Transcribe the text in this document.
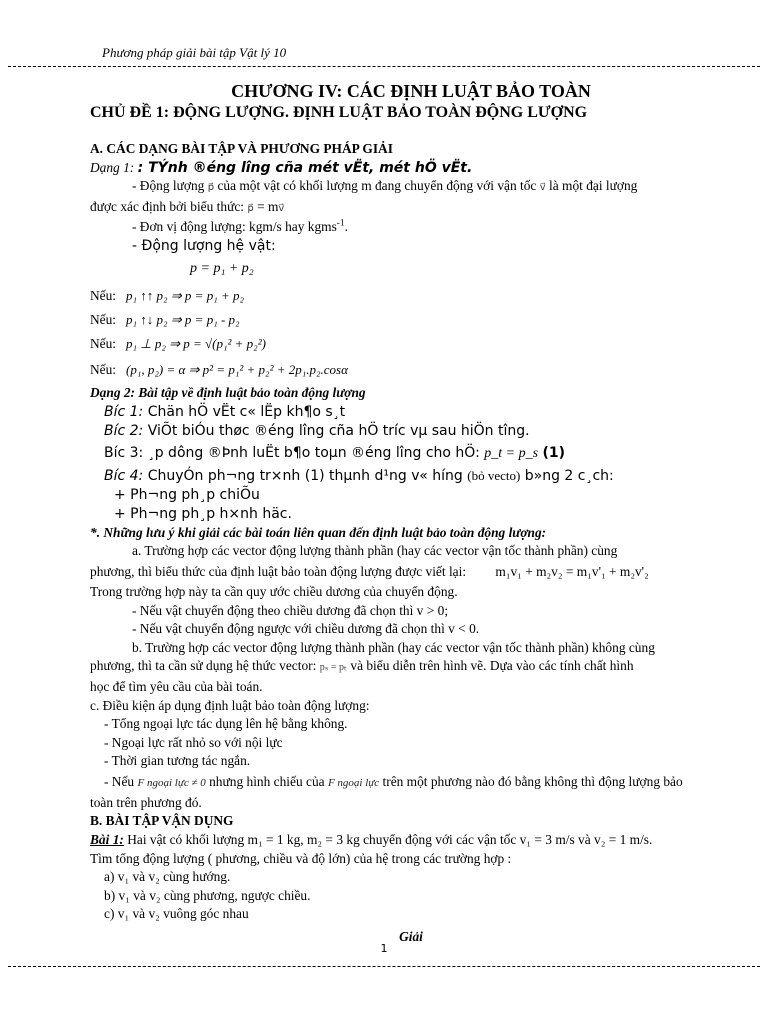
Phương pháp giải bài tập Vật lý 10
CHƯƠNG IV: CÁC ĐỊNH LUẬT BẢO TOÀN
CHỦ ĐỀ 1: ĐỘNG LƯỢNG. ĐỊNH LUẬT BẢO TOÀN ĐỘNG LƯỢNG
A. CÁC DẠNG BÀI TẬP VÀ PHƯƠNG PHÁP GIẢI
Dạng 1: : TÝnh ®éng lîng cña mét vËt, mét hÖ vËt.
- Động lượng p⃗ của một vật có khối lượng m đang chuyển động với vận tốc v⃗ là một đại lượng
được xác định bởi biểu thức: p⃗ = mv⃗
- Đơn vị động lượng: kgm/s hay kgms$^{-1}$.
- Động lượng hệ vật:
p = p₁ + p₂
Nếu: p₁ ↑↑ p₂ ⇒ p = p₁ + p₂
Nếu: p₁ ↑↓ p₂ ⇒ p = p₁ - p₂
Nếu: p₁ ⊥ p₂ ⇒ p = √(p₁² + p₂²)
Nếu: (p₁, p₂) = α ⇒ p² = p₁² + p₂² + 2p₁.p₂.cosα
Dạng 2: Bài tập về định luật bảo toàn động lượng
Bíc 1: Chän hÖ vËt c« lËp kh¶o s¸t
Bíc 2: ViÕt biÓu thøc ®éng lîng cña hÖ tríc vµ sau hiÖn tîng.
Bíc 3: ¸p dông ®Þnh luËt b¶o toµn ®éng lîng cho hÖ: p_t = p_s (1)
Bíc 4: ChuyÓn ph¬ng tr×nh (1) thµnh d¹ng v« híng (bỏ vecto) b»ng 2 c¸ch:
+ Ph¬ng ph¸p chiÕu
+ Ph¬ng ph¸p h×nh häc.
*. Những lưu ý khi giải các bài toán liên quan đến định luật bảo toàn động lượng:
a. Trường hợp các vector động lượng thành phần (hay các vector vận tốc thành phần) cùng
phương, thì biểu thức của định luật bảo toàn động lượng được viết lại: m₁v₁ + m₂v₂ = m₁v'₁ + m₂v'₂
Trong trường hợp này ta cần quy ước chiều dương của chuyển động.
- Nếu vật chuyển động theo chiều dương đã chọn thì v > 0;
- Nếu vật chuyển động ngược với chiều dương đã chọn thì v < 0.
b. Trường hợp các vector động lượng thành phần (hay các vector vận tốc thành phần) không cùng
phương, thì ta cần sử dụng hệ thức vector: pₛ = pₜ và biểu diễn trên hình vẽ. Dựa vào các tính chất hình
học để tìm yêu cầu của bài toán.
c. Điều kiện áp dụng định luật bảo toàn động lượng:
- Tổng ngoại lực tác dụng lên hệ bằng không.
- Ngoại lực rất nhỏ so với nội lực
- Thời gian tương tác ngắn.
- Nếu F ngoại lực ≠ 0 nhưng hình chiếu của F ngoại lực trên một phương nào đó bằng không thì động lượng bảo
toàn trên phương đó.
B. BÀI TẬP VẬN DỤNG
Bài 1: Hai vật có khối lượng m₁ = 1 kg, m₂ = 3 kg chuyển động với các vận tốc v₁ = 3 m/s và v₂ = 1 m/s.
Tìm tổng động lượng ( phương, chiều và độ lớn) của hệ trong các trường hợp :
a) v₁ và v₂ cùng hướng.
b) v₁ và v₂ cùng phương, ngược chiều.
c) v₁ và v₂ vuông góc nhau
Giải
1
